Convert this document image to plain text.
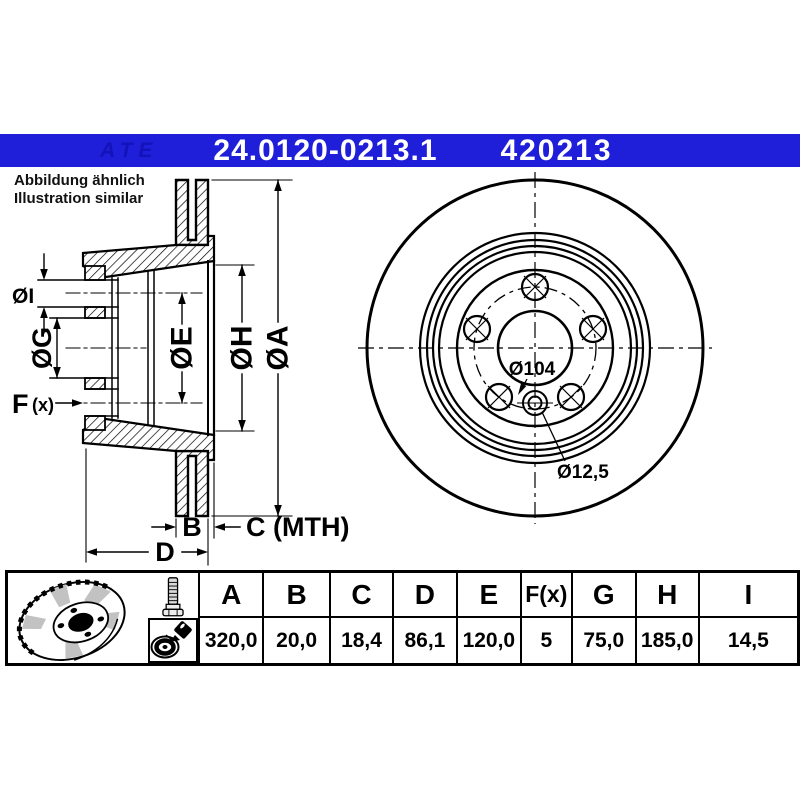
ATE	24.0120-0213.1	420213
Abbildung ähnlich
Illustration similar
ØI
ØG
F (x)
ØE ØH ØA
B C (MTH)
D
Ø104
Ø12,5
	A	B	C	D	E	F(x)	G	H	I
	320,0	20,0	18,4	86,1	120,0	5	75,0	185,0	14,5
